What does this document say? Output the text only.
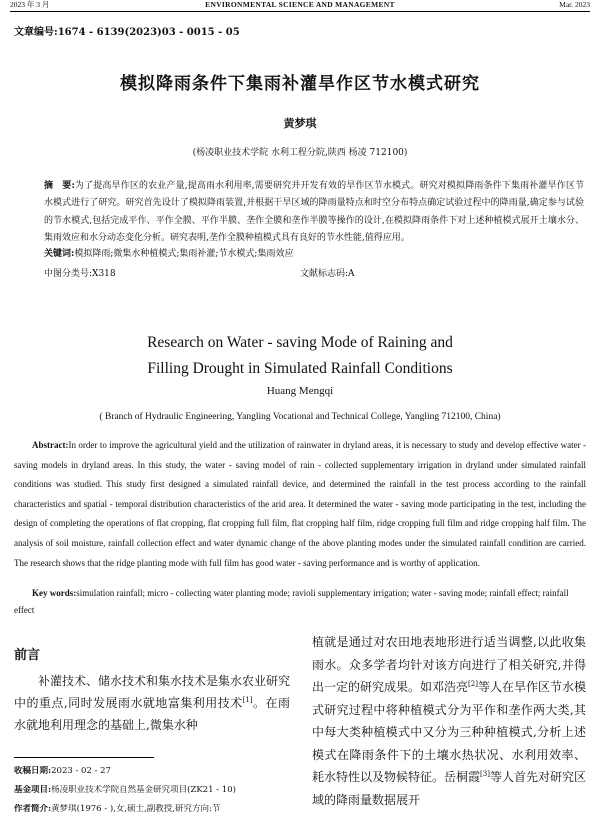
2023 年 3 月	ENVIRONMENTAL SCIENCE AND MANAGEMENT	Mar. 2023
文章编号:1674 - 6139(2023)03 - 0015 - 05
模拟降雨条件下集雨补灌旱作区节水模式研究
黄梦琪
(杨凌职业技术学院 水利工程分院,陕西 杨凌 712100)
摘　要:为了提高旱作区的农业产量,提高雨水利用率,需要研究并开发有效的旱作区节水模式。研究对模拟降雨条件下集雨补灌旱作区节水模式进行了研究。研究首先设计了模拟降雨装置,并根据干旱区域的降雨量特点和时空分布特点确定试验过程中的降雨量,确定参与试验的节水模式,包括完成平作、平作全膜、平作半膜、垄作全膜和垄作半膜等操作的设计,在模拟降雨条件下对上述种植模式展开土壤水分、集雨效应和水分动态变化分析。研究表明,垄作全膜种植模式具有良好的节水性能,值得应用。
关键词:模拟降雨;微集水种植模式;集雨补灌;节水模式;集雨效应
中图分类号:X318	文献标志码:A
Research on Water - saving Mode of Raining and
Filling Drought in Simulated Rainfall Conditions
Huang Mengqi
( Branch of Hydraulic Engineering, Yangling Vocational and Technical College, Yangling 712100, China)
Abstract:In order to improve the agricultural yield and the utilization of rainwater in dryland areas, it is necessary to study and develop effective water - saving models in dryland areas. In this study, the water - saving model of rain - collected supplementary irrigation in dryland under simulated rainfall conditions was studied. This study first designed a simulated rainfall device, and determined the rainfall in the test process according to the rainfall characteristics and spatial - temporal distribution characteristics of the arid area. It determined the water - saving mode participating in the test, including the design of completing the operations of flat cropping, flat cropping full film, flat cropping half film, ridge cropping full film and ridge cropping half film. The analysis of soil moisture, rainfall collection effect and water dynamic change of the above planting modes under the simulated rainfall condition are carried. The research shows that the ridge planting mode with full film has good water - saving performance and is worthy of application.
Key words:simulation rainfall; micro - collecting water planting mode; ravioli supplementary irrigation; water - saving mode; rainfall effect; rainfall effect
前言
补灌技术、储水技术和集水技术是集水农业研究中的重点,同时发展雨水就地富集利用技术[1]。在雨水就地利用理念的基础上,微集水种
植就是通过对农田地表地形进行适当调整,以此收集雨水。众多学者均针对该方向进行了相关研究,并得出一定的研究成果。如邓浩亮[2]等人在旱作区节水模式研究过程中将种植模式分为平作和垄作两大类,其中每大类种植模式中又分为三种种植模式,分析上述模式在降雨条件下的土壤水热状况、水利用效率、耗水特性以及物候特征。岳桐霞[3]等人首先对研究区域的降雨量数据展开
收稿日期:2023 - 02 - 27
基金项目:杨凌职业技术学院自然基金研究项目(ZK21 - 10)
作者简介:黄梦琪(1976 - ),女,硕士,副教授,研究方向:节
